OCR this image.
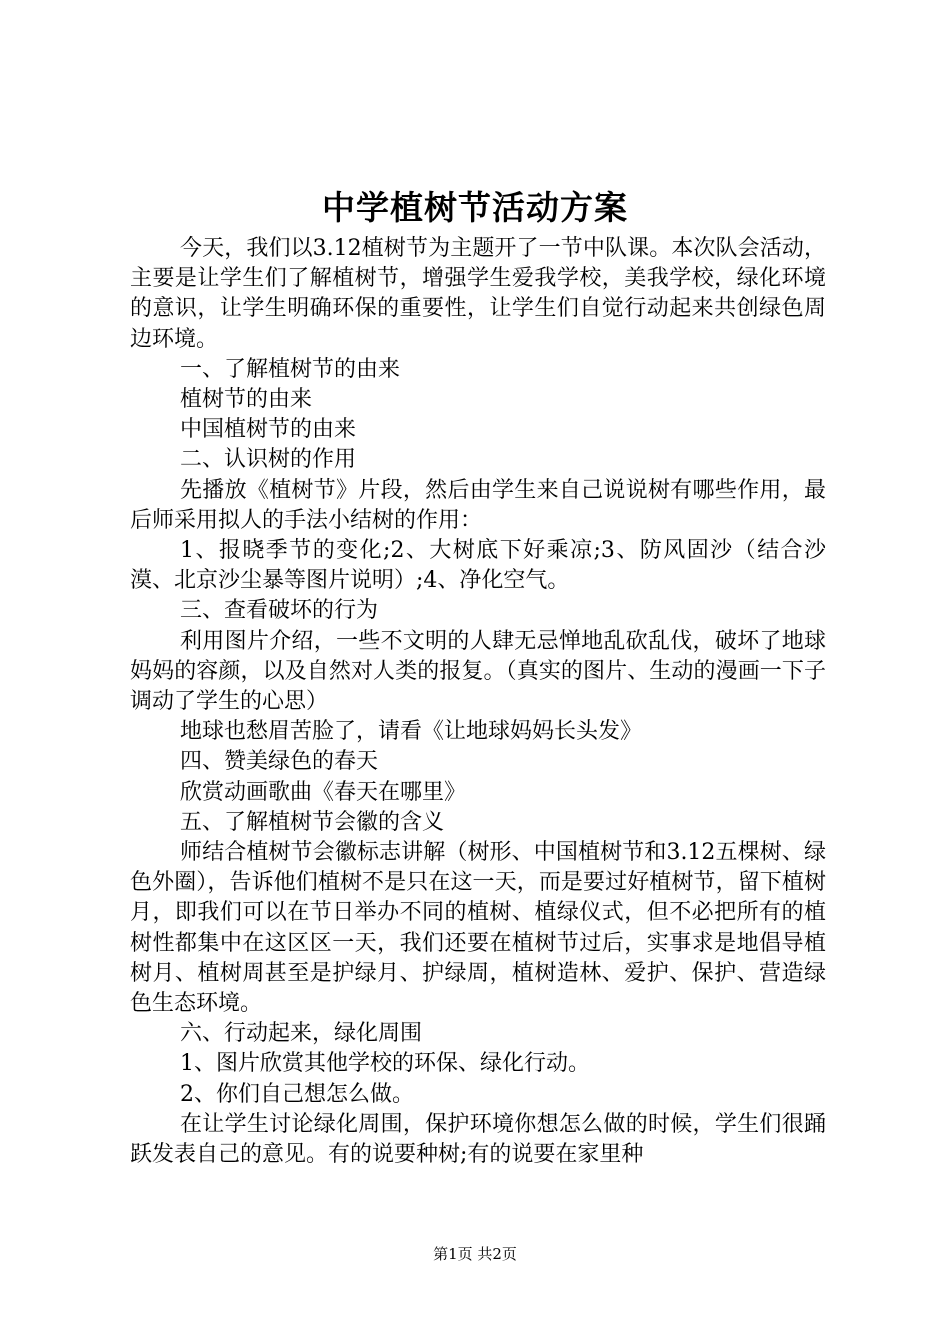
中学植树节活动方案

今天，我们以3.12植树节为主题开了一节中队课。本次队会活动，主要是让学生们了解植树节，增强学生爱我学校，美我学校，绿化环境的意识，让学生明确环保的重要性，让学生们自觉行动起来共创绿色周边环境。

一、了解植树节的由来

植树节的由来

中国植树节的由来

二、认识树的作用

先播放《植树节》片段，然后由学生来自己说说树有哪些作用，最后师采用拟人的手法小结树的作用：

1、报晓季节的变化;2、大树底下好乘凉;3、防风固沙（结合沙漠、北京沙尘暴等图片说明）;4、净化空气。

三、查看破坏的行为

利用图片介绍，一些不文明的人肆无忌惮地乱砍乱伐，破坏了地球妈妈的容颜，以及自然对人类的报复。（真实的图片、生动的漫画一下子调动了学生的心思）

地球也愁眉苦脸了，请看《让地球妈妈长头发》

四、赞美绿色的春天

欣赏动画歌曲《春天在哪里》

五、了解植树节会徽的含义

师结合植树节会徽标志讲解（树形、中国植树节和3.12五棵树、绿色外圈），告诉他们植树不是只在这一天，而是要过好植树节，留下植树月，即我们可以在节日举办不同的植树、植绿仪式，但不必把所有的植树性都集中在这区区一天，我们还要在植树节过后，实事求是地倡导植树月、植树周甚至是护绿月、护绿周，植树造林、爱护、保护、营造绿色生态环境。

六、行动起来，绿化周围

1、图片欣赏其他学校的环保、绿化行动。

2、你们自己想怎么做。

在让学生讨论绿化周围，保护环境你想怎么做的时候，学生们很踊跃发表自己的意见。有的说要种树;有的说要在家里种

第1页 共2页
